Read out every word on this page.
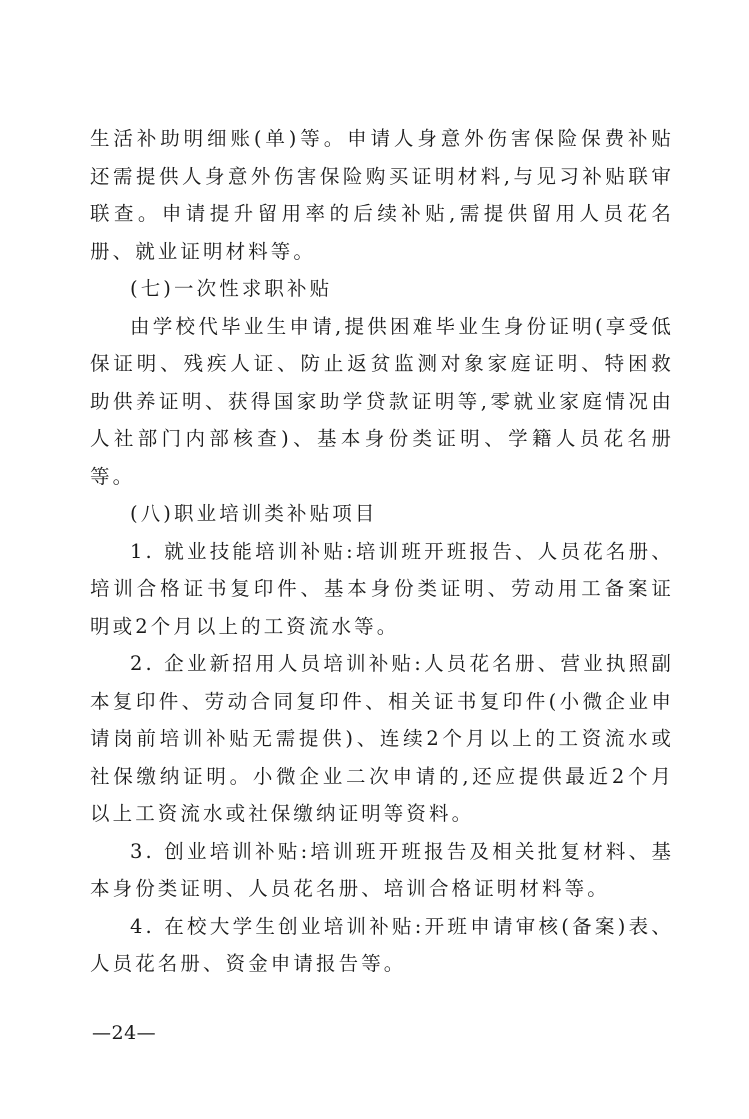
生活补助明细账(单)等。申请人身意外伤害保险保费补贴还需提供人身意外伤害保险购买证明材料,与见习补贴联审联查。申请提升留用率的后续补贴,需提供留用人员花名册、就业证明材料等。

(七)一次性求职补贴

由学校代毕业生申请,提供困难毕业生身份证明(享受低保证明、残疾人证、防止返贫监测对象家庭证明、特困救助供养证明、获得国家助学贷款证明等,零就业家庭情况由人社部门内部核查)、基本身份类证明、学籍人员花名册等。

(八)职业培训类补贴项目

1. 就业技能培训补贴:培训班开班报告、人员花名册、培训合格证书复印件、基本身份类证明、劳动用工备案证明或2个月以上的工资流水等。

2. 企业新招用人员培训补贴:人员花名册、营业执照副本复印件、劳动合同复印件、相关证书复印件(小微企业申请岗前培训补贴无需提供)、连续2个月以上的工资流水或社保缴纳证明。小微企业二次申请的,还应提供最近2个月以上工资流水或社保缴纳证明等资料。

3. 创业培训补贴:培训班开班报告及相关批复材料、基本身份类证明、人员花名册、培训合格证明材料等。

4. 在校大学生创业培训补贴:开班申请审核(备案)表、人员花名册、资金申请报告等。

—24—
